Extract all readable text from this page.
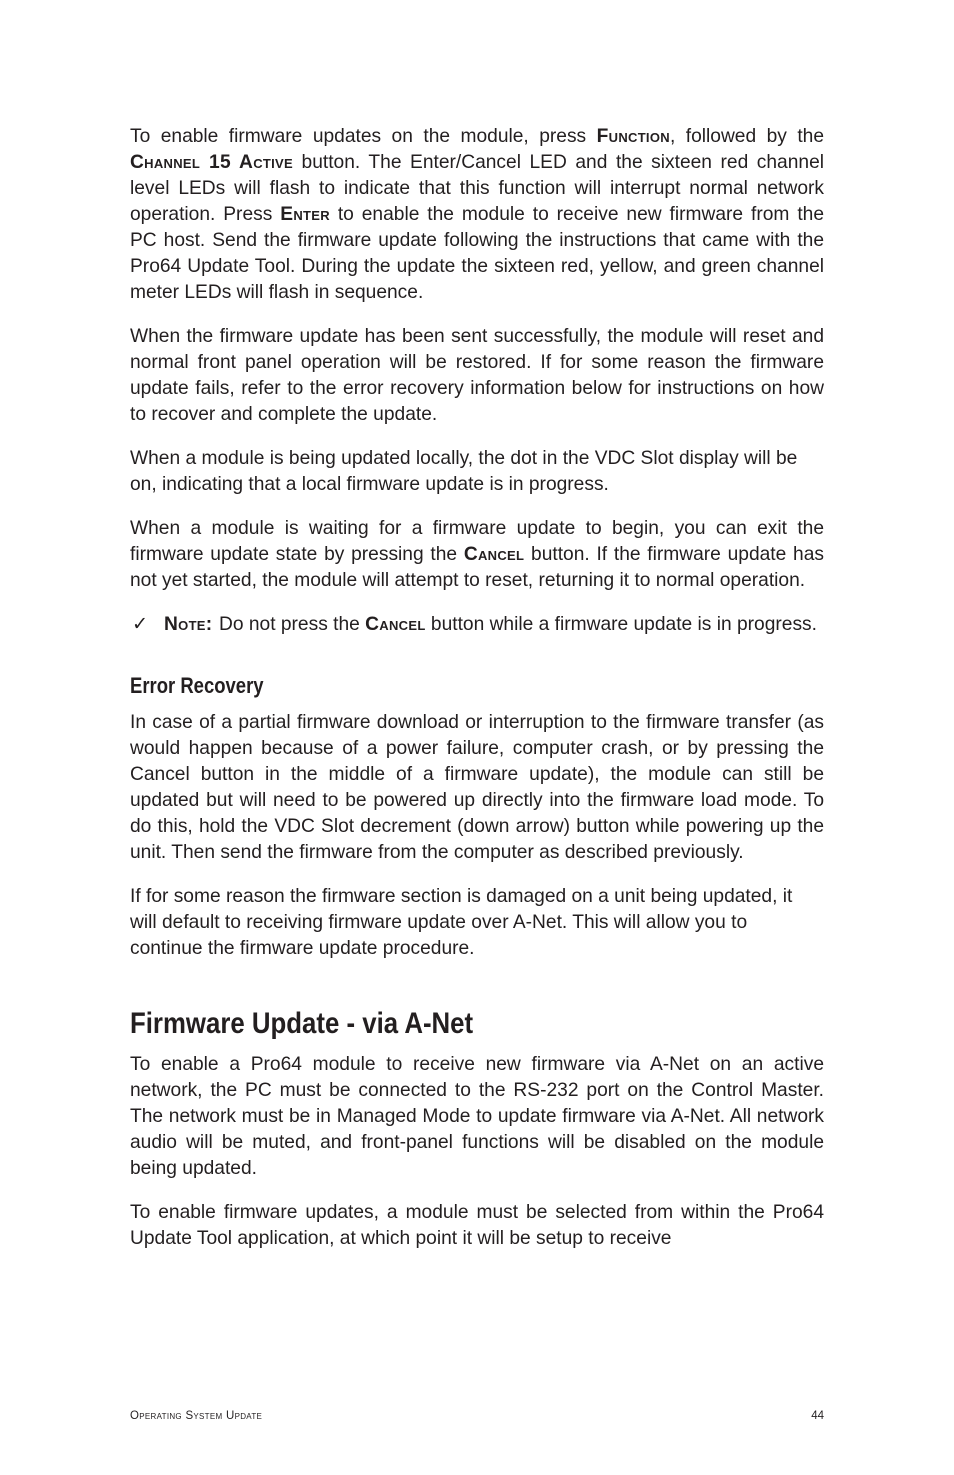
To enable firmware updates on the module, press Function, followed by the Channel 15 Active button. The Enter/Cancel LED and the sixteen red channel level LEDs will flash to indicate that this function will interrupt normal network operation. Press Enter to enable the module to receive new firmware from the PC host. Send the firmware update following the instructions that came with the Pro64 Update Tool. During the update the sixteen red, yellow, and green channel meter LEDs will flash in sequence.

When the firmware update has been sent successfully, the module will reset and normal front panel operation will be restored. If for some reason the firmware update fails, refer to the error recovery information below for instructions on how to recover and complete the update.

When a module is being updated locally, the dot in the VDC Slot display will be on, indicating that a local firmware update is in progress.

When a module is waiting for a firmware update to begin, you can exit the firmware update state by pressing the Cancel button. If the firmware update has not yet started, the module will attempt to reset, returning it to normal operation.

✓ Note: Do not press the Cancel button while a firmware update is in progress.
Error Recovery

In case of a partial firmware download or interruption to the firmware transfer (as would happen because of a power failure, computer crash, or by pressing the Cancel button in the middle of a firmware update), the module can still be updated but will need to be powered up directly into the firmware load mode. To do this, hold the VDC Slot decrement (down arrow) button while powering up the unit. Then send the firmware from the computer as described previously.

If for some reason the firmware section is damaged on a unit being updated, it will default to receiving firmware update over A-Net. This will allow you to continue the firmware update procedure.

Firmware Update - via A-Net

To enable a Pro64 module to receive new firmware via A-Net on an active network, the PC must be connected to the RS-232 port on the Control Master. The network must be in Managed Mode to update firmware via A-Net. All network audio will be muted, and front-panel functions will be disabled on the module being updated.

To enable firmware updates, a module must be selected from within the Pro64 Update Tool application, at which point it will be setup to receive

Operating System Update	44
